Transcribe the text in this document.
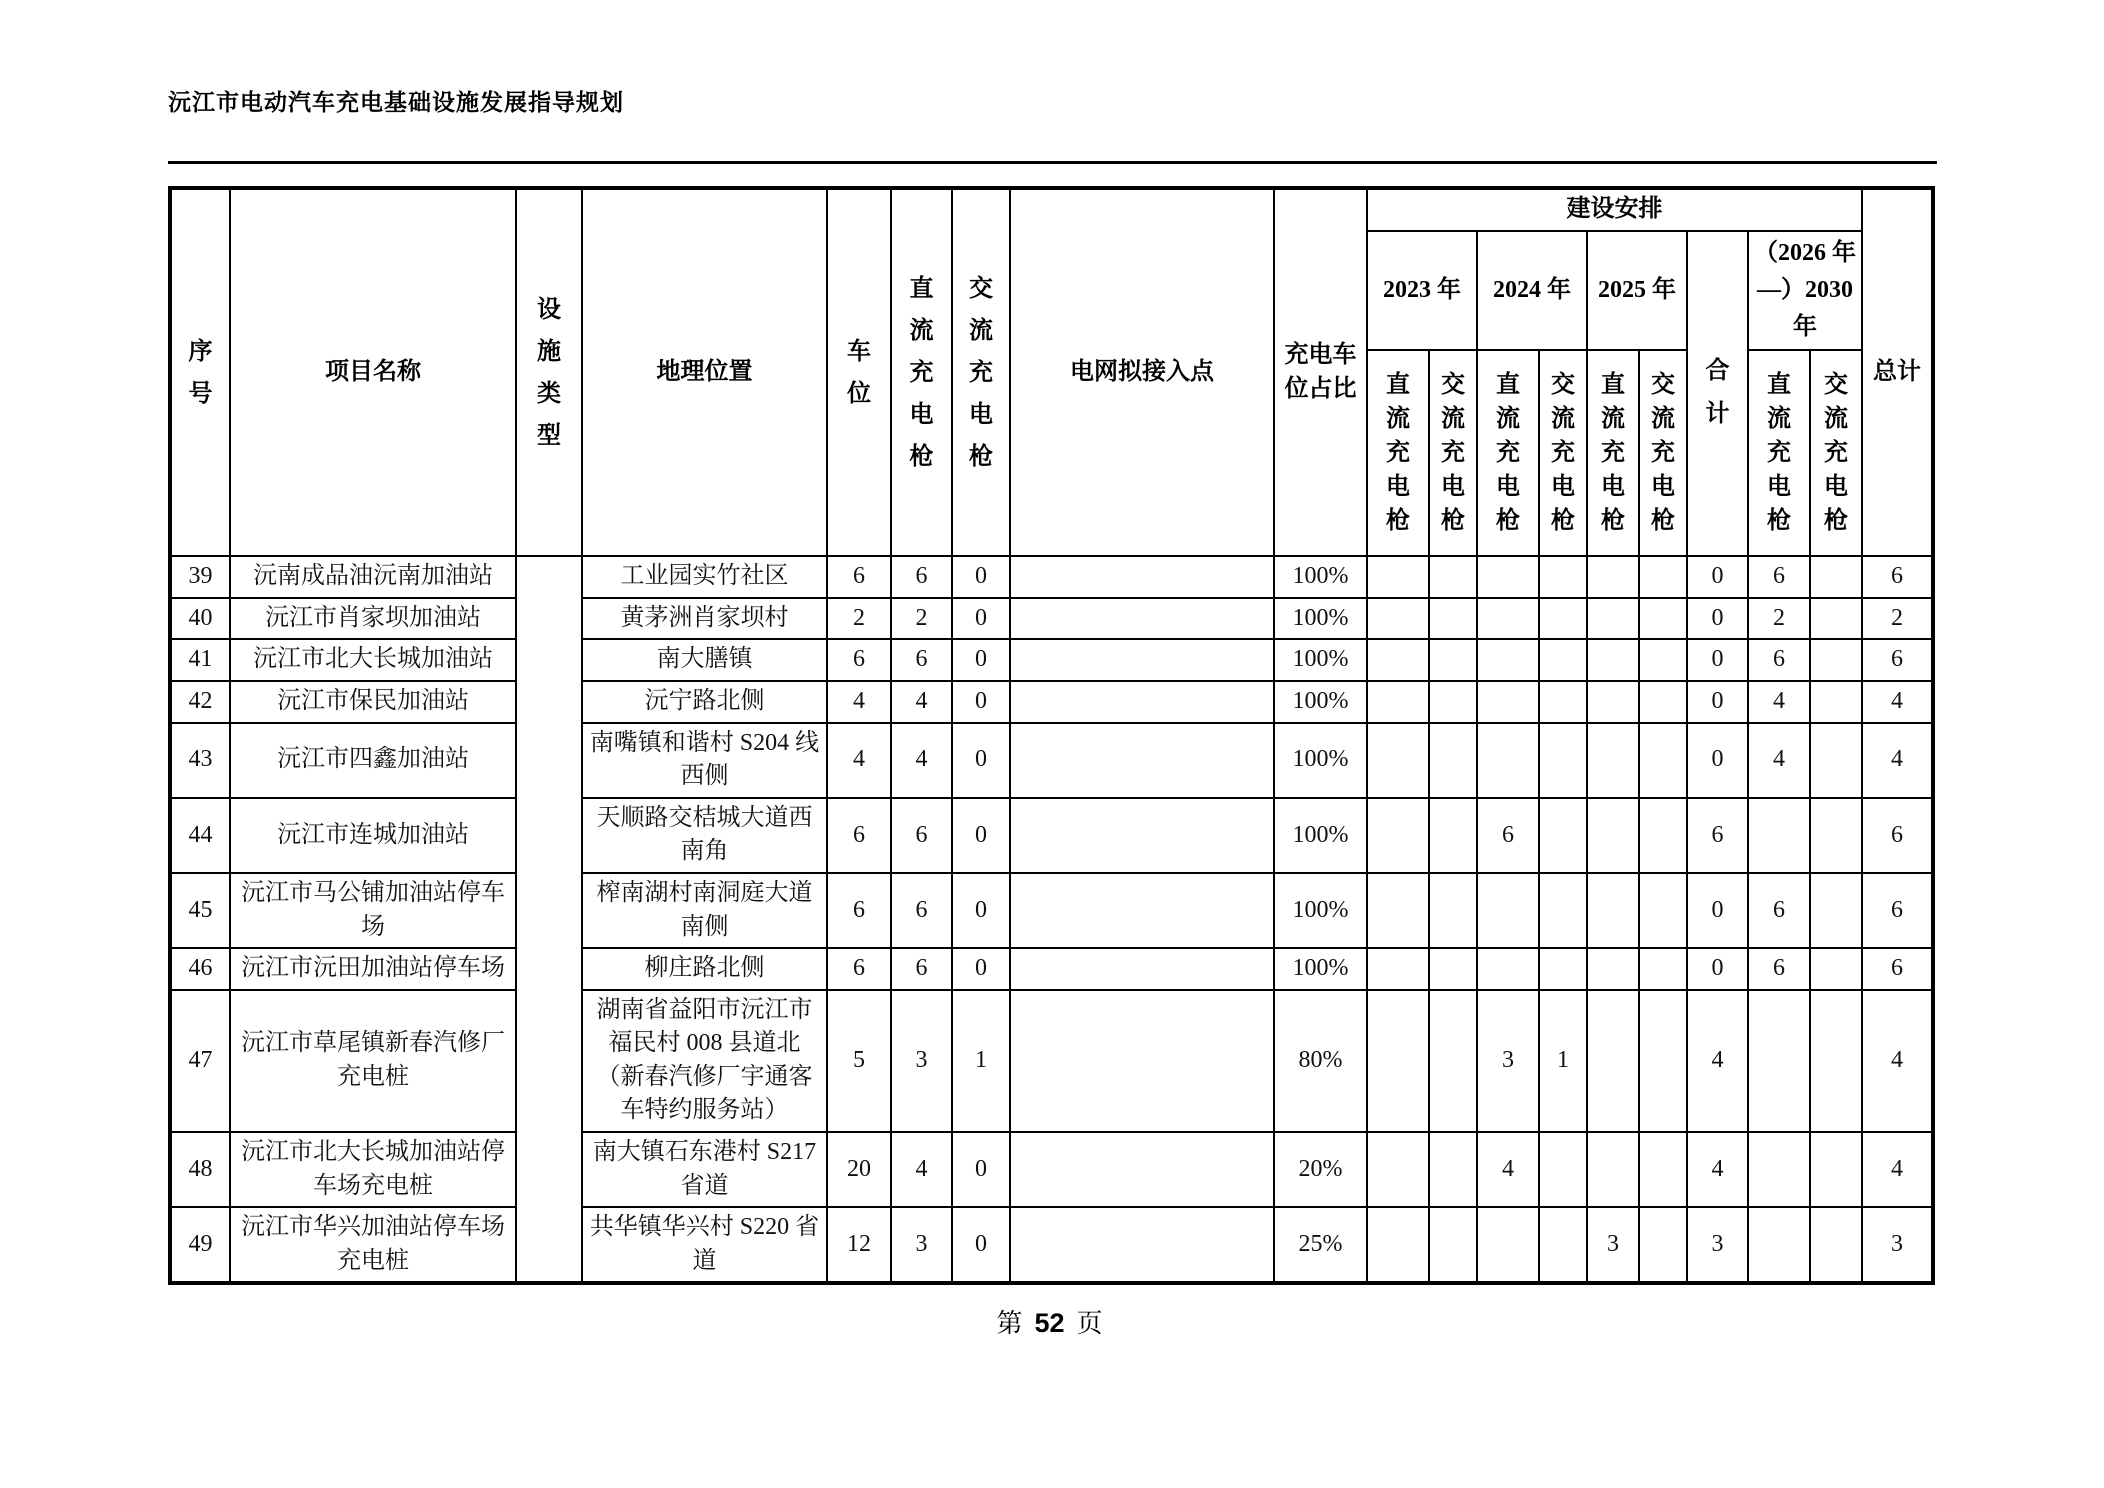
沅江市电动汽车充电基础设施发展指导规划
序号	项目名称	设施类型	地理位置	车位	直流充电枪	交流充电枪	电网拟接入点	充电车位占比	建设安排									总计
									2023 年		2024 年		2025 年		合计	（2026 年
—）2030
年		

									直流充电枪	交流充电枪	直流充电枪	交流充电枪	直流充电枪	交流充电枪		直流充电枪	交流充电枪	
39	沅南成品油沅南加油站		工业园实竹社区	6	6	0		100%							0	6		6
40	沅江市肖家坝加油站		黄茅洲肖家坝村	2	2	0		100%							0	2		2
41	沅江市北大长城加油站		南大膳镇	6	6	0		100%							0	6		6
42	沅江市保民加油站		沅宁路北侧	4	4	0		100%							0	4		4
43	沅江市四鑫加油站		南嘴镇和谐村 S204 线西侧	4	4	0		100%							0	4		4
44	沅江市连城加油站		天顺路交桔城大道西南角	6	6	0		100%			6				6			6
45	沅江市马公铺加油站停车场		榨南湖村南洞庭大道南侧	6	6	0		100%							0	6		6
46	沅江市沅田加油站停车场		柳庄路北侧	6	6	0		100%							0	6		6
47	沅江市草尾镇新春汽修厂充电桩		湖南省益阳市沅江市福民村 008 县道北（新春汽修厂宇通客车特约服务站）	5	3	1		80%			3	1			4			4
48	沅江市北大长城加油站停车场充电桩		南大镇石东港村 S217 省道	20	4	0		20%			4				4			4
49	沅江市华兴加油站停车场充电桩		共华镇华兴村 S220 省道	12	3	0		25%					3		3			3
第 52 页
